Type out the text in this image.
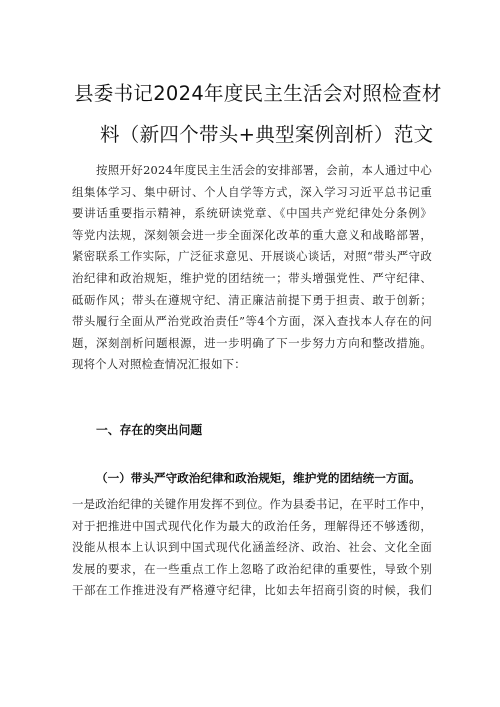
县委书记2024年度民主生活会对照检查材
料（新四个带头+典型案例剖析）范文
按照开好2024年度民主生活会的安排部署，会前，本人通过中心
组集体学习、集中研讨、个人自学等方式，深入学习习近平总书记重
要讲话重要指示精神，系统研读党章、《中国共产党纪律处分条例》
等党内法规，深刻领会进一步全面深化改革的重大意义和战略部署，
紧密联系工作实际，广泛征求意见、开展谈心谈话，对照“带头严守政
治纪律和政治规矩，维护党的团结统一；带头增强党性、严守纪律、
砥砺作风；带头在遵规守纪、清正廉洁前提下勇于担责、敢于创新；
带头履行全面从严治党政治责任”等4个方面，深入查找本人存在的问
题，深刻剖析问题根源，进一步明确了下一步努力方向和整改措施。
现将个人对照检查情况汇报如下：
一、存在的突出问题
（一）带头严守政治纪律和政治规矩，维护党的团结统一方面。
一是政治纪律的关键作用发挥不到位。作为县委书记，在平时工作中，
对于把推进中国式现代化作为最大的政治任务，理解得还不够透彻，
没能从根本上认识到中国式现代化涵盖经济、政治、社会、文化全面
发展的要求，在一些重点工作上忽略了政治纪律的重要性，导致个别
干部在工作推进没有严格遵守纪律，比如去年招商引资的时候，我们
